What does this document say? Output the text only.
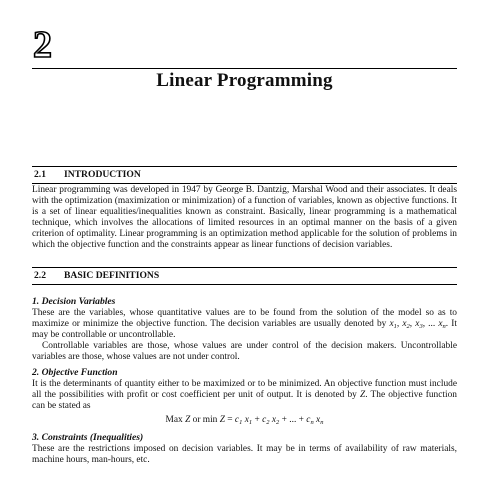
2
Linear Programming
2.1 INTRODUCTION

Linear programming was developed in 1947 by George B. Dantzig, Marshal Wood and their associates. It deals with the optimization (maximization or minimization) of a function of variables, known as objective functions. It is a set of linear equalities/inequalities known as constraint. Basically, linear programming is a mathematical technique, which involves the allocations of limited resources in an optimal manner on the basis of a given criterion of optimality. Linear programming is an optimization method applicable for the solution of problems in which the objective function and the constraints appear as linear functions of decision variables.

2.2 BASIC DEFINITIONS
1. Decision Variables

These are the variables, whose quantitative values are to be found from the solution of the model so as to maximize or minimize the objective function. The decision variables are usually denoted by $x_1$, $x_2$, $x_3$, ... $x_n$. It may be controllable or uncontrollable.

Controllable variables are those, whose values are under control of the decision makers. Uncontrollable variables are those, whose values are not under control.

2. Objective Function

It is the determinants of quantity either to be maximized or to be minimized. An objective function must include all the possibilities with profit or cost coefficient per unit of output. It is denoted by Z. The objective function can be stated as

Max Z or $\min Z = c_1$ $x_1 + c_2$ $x_2$ + ... + $c_n$ $x_n$
3. Constraints (Inequalities)

These are the restrictions imposed on decision variables. It may be in terms of availability of raw materials, machine hours, man-hours, etc.
